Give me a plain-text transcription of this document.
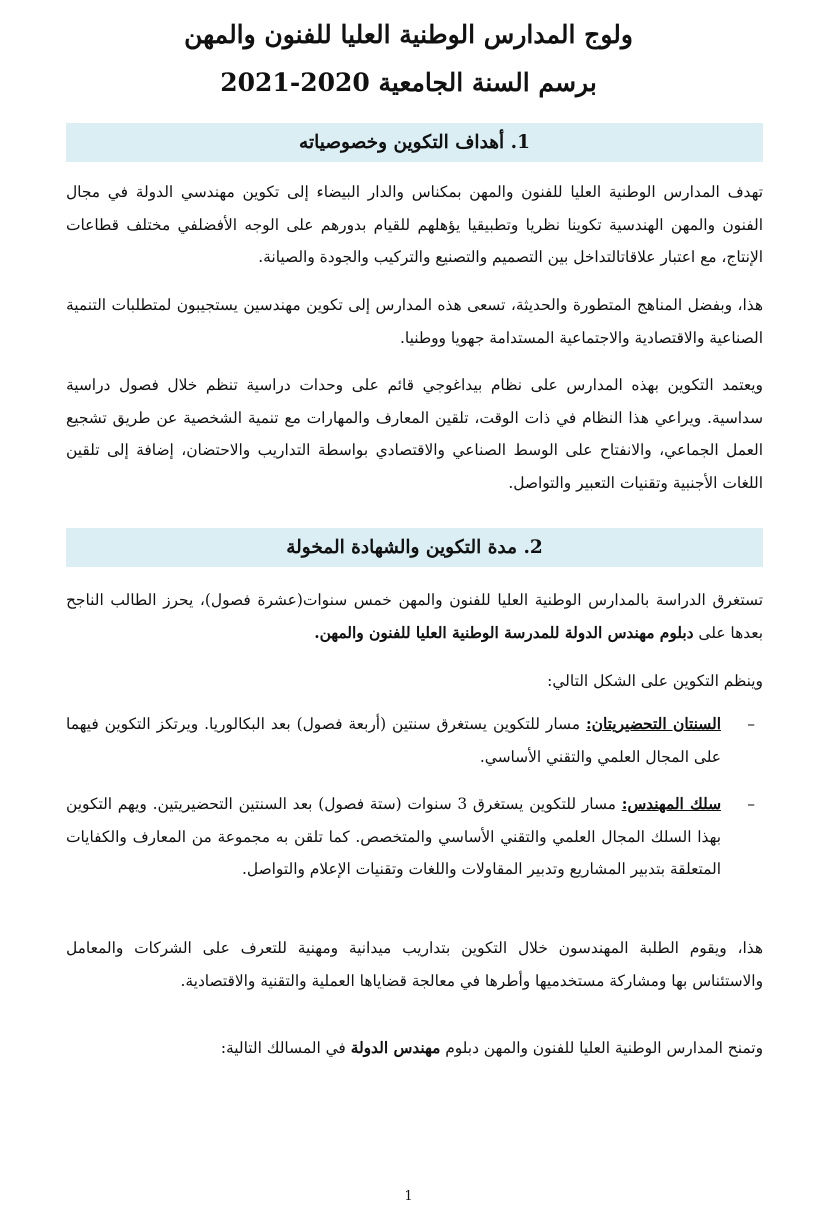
ولوج المدارس الوطنية العليا للفنون والمهن
برسم السنة الجامعية 2020-2021
1. أهداف التكوين وخصوصياته

تهدف المدارس الوطنية العليا للفنون والمهن بمكناس والدار البيضاء إلى تكوين مهندسي الدولة في مجال الفنون والمهن الهندسية تكوينا نظريا وتطبيقيا يؤهلهم للقيام بدورهم على الوجه الأفضلفي مختلف قطاعات الإنتاج، مع اعتبار علاقاتالتداخل بين التصميم والتصنيع والتركيب والجودة والصيانة.

هذا، وبفضل المناهج المتطورة والحديثة، تسعى هذه المدارس إلى تكوين مهندسين يستجيبون لمتطلبات التنمية الصناعية والاقتصادية والاجتماعية المستدامة جهويا ووطنيا.

ويعتمد التكوين بهذه المدارس على نظام بيداغوجي قائم على وحدات دراسية تنظم خلال فصول دراسية سداسية. ويراعي هذا النظام في ذات الوقت، تلقين المعارف والمهارات مع تنمية الشخصية عن طريق تشجيع العمل الجماعي، والانفتاح على الوسط الصناعي والاقتصادي بواسطة التداريب والاحتضان، إضافة إلى تلقين اللغات الأجنبية وتقنيات التعبير والتواصل.

2. مدة التكوين والشهادة المخولة

تستغرق الدراسة بالمدارس الوطنية العليا للفنون والمهن خمس سنوات(عشرة فصول)، يحرز الطالب الناجح بعدها على دبلوم مهندس الدولة للمدرسة الوطنية العليا للفنون والمهن.

وينظم التكوين على الشكل التالي:

–

السنتان التحضيريتان: مسار للتكوين يستغرق سنتين (أربعة فصول) بعد البكالوريا. ويرتكز التكوين فيهما على المجال العلمي والتقني الأساسي.

–

سلك المهندس: مسار للتكوين يستغرق 3 سنوات (ستة فصول) بعد السنتين التحضيريتين. ويهم التكوين بهذا السلك المجال العلمي والتقني الأساسي والمتخصص. كما تلقن به مجموعة من المعارف والكفايات المتعلقة بتدبير المشاريع وتدبير المقاولات واللغات وتقنيات الإعلام والتواصل.

هذا، ويقوم الطلبة المهندسون خلال التكوين بتداريب ميدانية ومهنية للتعرف على الشركات والمعامل والاستئناس بها ومشاركة مستخدميها وأطرها في معالجة قضاياها العملية والتقنية والاقتصادية.

وتمنح المدارس الوطنية العليا للفنون والمهن دبلوم مهندس الدولة في المسالك التالية:

1
